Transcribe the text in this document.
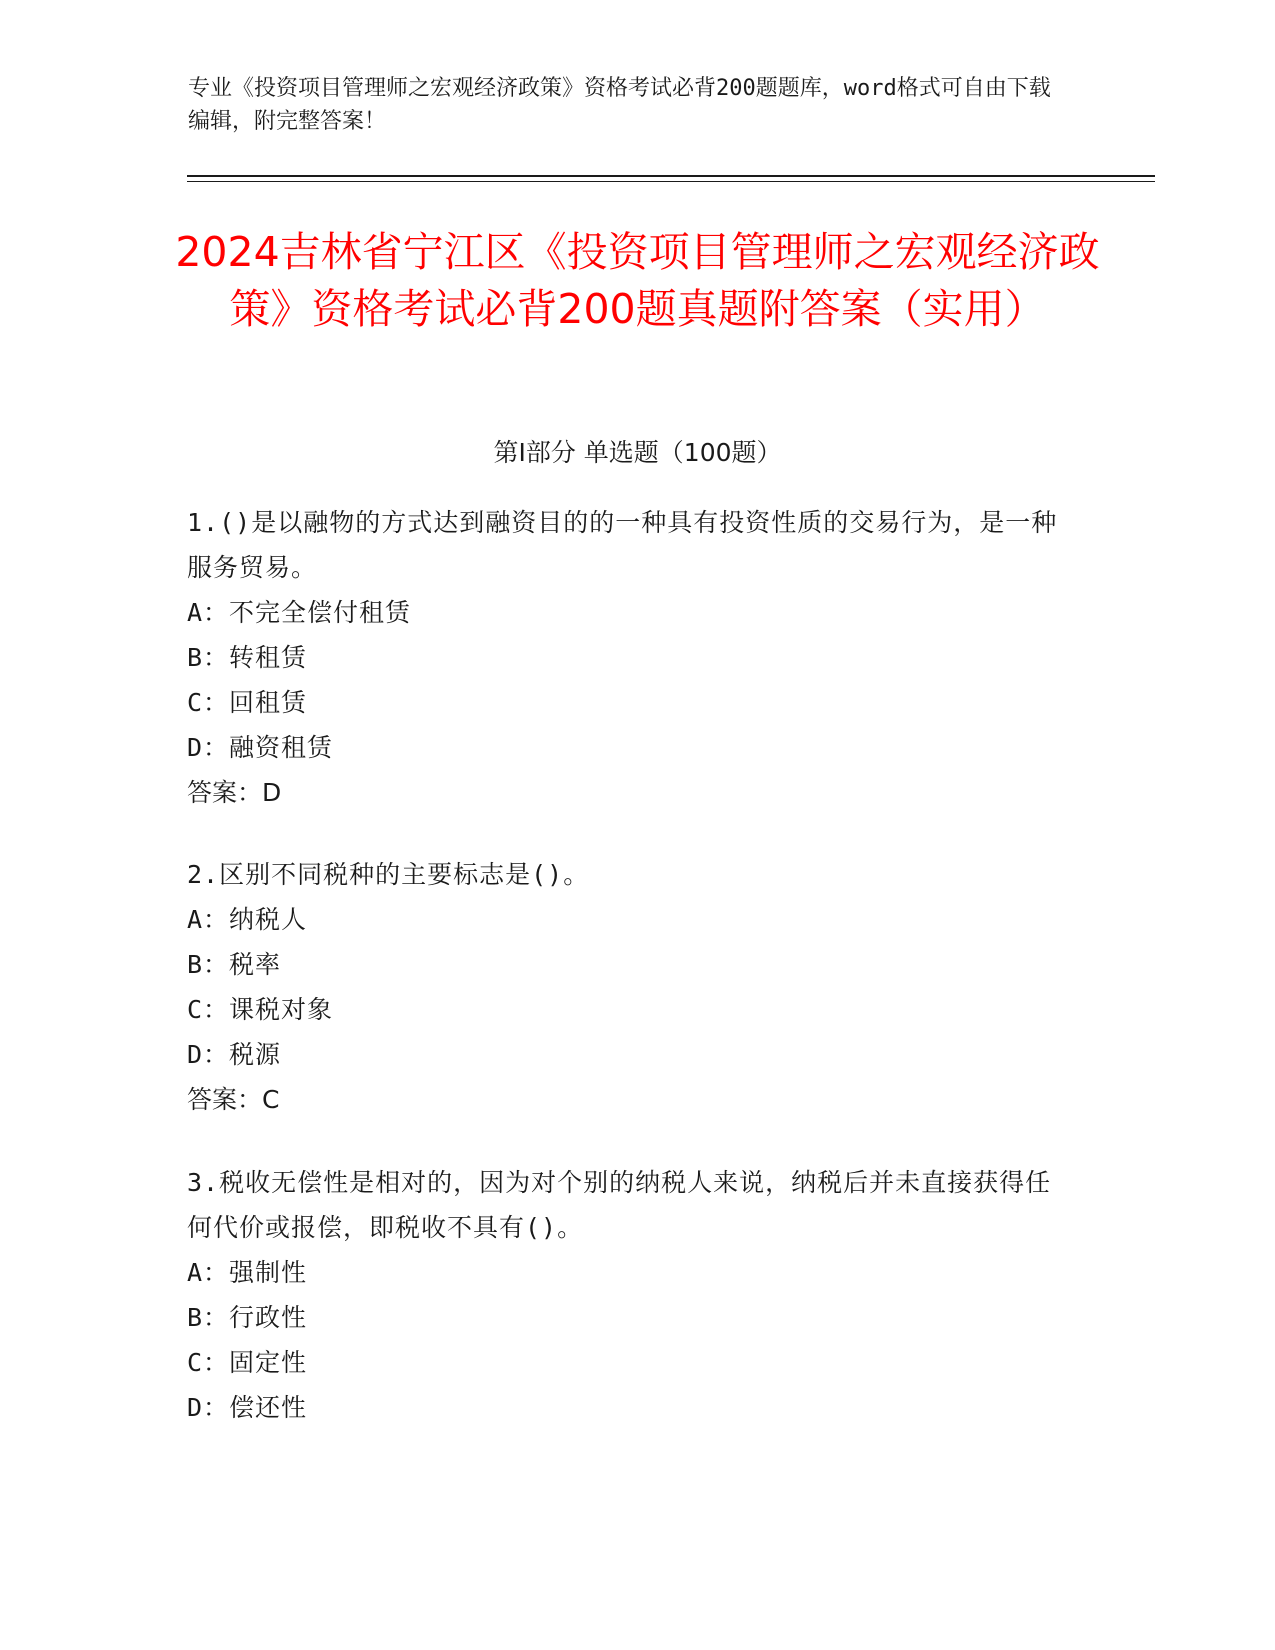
专业《投资项目管理师之宏观经济政策》资格考试必背200题题库，word格式可自由下载编辑，附完整答案！
2024吉林省宁江区《投资项目管理师之宏观经济政策》资格考试必背200题真题附答案（实用）
第Ⅰ部分 单选题（100题）
1.()是以融物的方式达到融资目的的一种具有投资性质的交易行为，是一种服务贸易。
A：不完全偿付租赁
B：转租赁
C：回租赁
D：融资租赁
答案：D
2.区别不同税种的主要标志是()。
A：纳税人
B：税率
C：课税对象
D：税源
答案：C
3.税收无偿性是相对的，因为对个别的纳税人来说，纳税后并未直接获得任何代价或报偿，即税收不具有()。
A：强制性
B：行政性
C：固定性
D：偿还性
